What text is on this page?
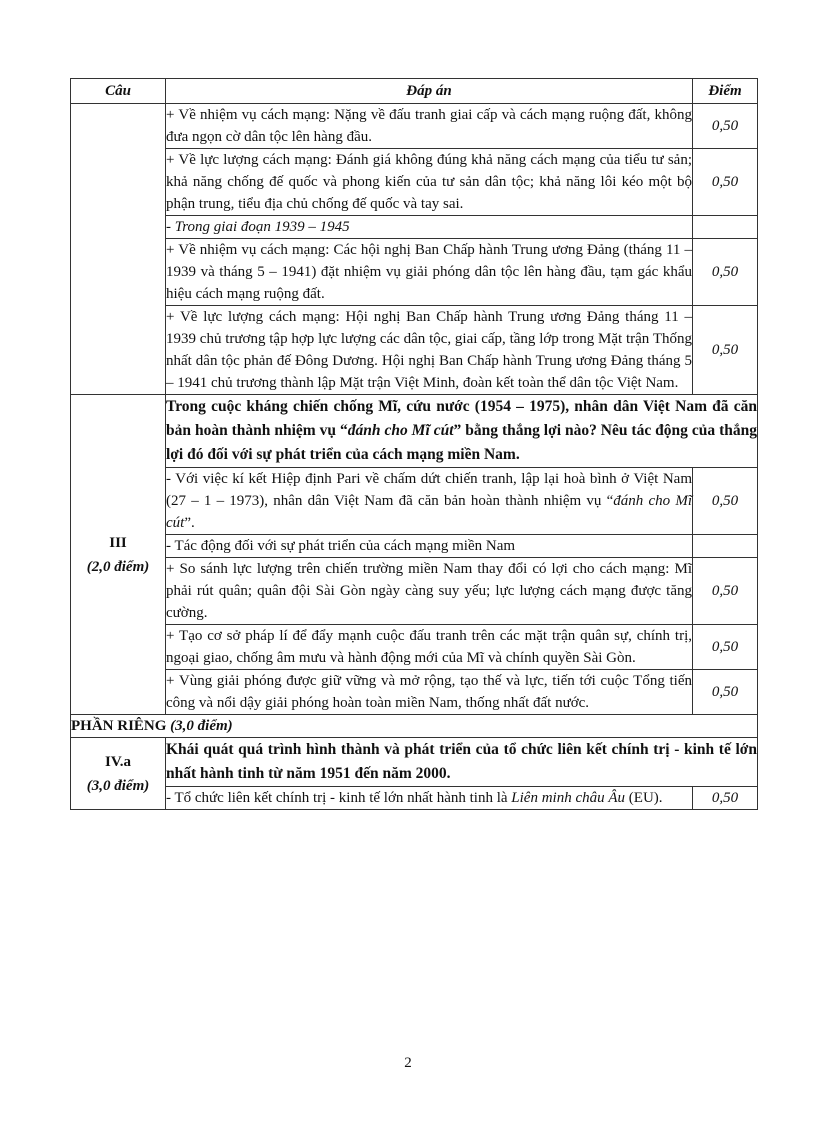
Câu	Đáp án	Điểm
	+ Về nhiệm vụ cách mạng: Nặng về đấu tranh giai cấp và cách mạng ruộng đất, không đưa ngọn cờ dân tộc lên hàng đầu.	0,50
	+ Về lực lượng cách mạng: Đánh giá không đúng khả năng cách mạng của tiểu tư sản; khả năng chống đế quốc và phong kiến của tư sản dân tộc; khả năng lôi kéo một bộ phận trung, tiểu địa chủ chống đế quốc và tay sai.	0,50
	- Trong giai đoạn 1939 – 1945	
	+ Về nhiệm vụ cách mạng: Các hội nghị Ban Chấp hành Trung ương Đảng (tháng 11 – 1939 và tháng 5 – 1941) đặt nhiệm vụ giải phóng dân tộc lên hàng đầu, tạm gác khẩu hiệu cách mạng ruộng đất.	0,50
	+ Về lực lượng cách mạng: Hội nghị Ban Chấp hành Trung ương Đảng tháng 11 – 1939 chủ trương tập hợp lực lượng các dân tộc, giai cấp, tầng lớp trong Mặt trận Thống nhất dân tộc phản đế Đông Dương. Hội nghị Ban Chấp hành Trung ương Đảng tháng 5 – 1941 chủ trương thành lập Mặt trận Việt Minh, đoàn kết toàn thể dân tộc Việt Nam.	0,50

III
(2,0 điểm)	Trong cuộc kháng chiến chống Mĩ, cứu nước (1954 – 1975), nhân dân Việt Nam đã căn bản hoàn thành nhiệm vụ “đánh cho Mĩ cút” bằng thắng lợi nào? Nêu tác động của thắng lợi đó đối với sự phát triển của cách mạng miền Nam.	
	- Với việc kí kết Hiệp định Pari về chấm dứt chiến tranh, lập lại hoà bình ở Việt Nam (27 – 1 – 1973), nhân dân Việt Nam đã căn bản hoàn thành nhiệm vụ “đánh cho Mĩ cút”.	0,50
	- Tác động đối với sự phát triển của cách mạng miền Nam	
	+ So sánh lực lượng trên chiến trường miền Nam thay đổi có lợi cho cách mạng: Mĩ phải rút quân; quân đội Sài Gòn ngày càng suy yếu; lực lượng cách mạng được tăng cường.	0,50
	+ Tạo cơ sở pháp lí để đẩy mạnh cuộc đấu tranh trên các mặt trận quân sự, chính trị, ngoại giao, chống âm mưu và hành động mới của Mĩ và chính quyền Sài Gòn.	0,50
	+ Vùng giải phóng được giữ vững và mở rộng, tạo thế và lực, tiến tới cuộc Tổng tiến công và nổi dậy giải phóng hoàn toàn miền Nam, thống nhất đất nước.	0,50
PHẦN RIÊNG (3,0 điểm)		

IV.a
(3,0 điểm)	Khái quát quá trình hình thành và phát triển của tổ chức liên kết chính trị - kinh tế lớn nhất hành tinh từ năm 1951 đến năm 2000.	
	- Tổ chức liên kết chính trị - kinh tế lớn nhất hành tinh là Liên minh châu Âu (EU).	0,50
2
